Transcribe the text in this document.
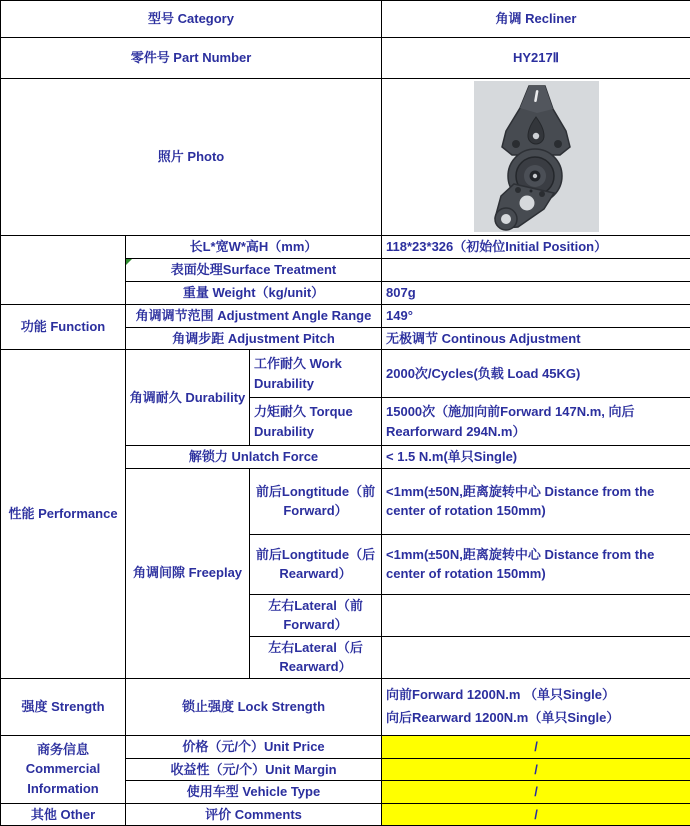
型号 Category			角调 Recliner
零件号 Part Number			HY217Ⅱ
照片 Photo	

	长L*宽W*高H（mm）		118*23*326（初始位Initial Position）

表面处理Surface Treatment		
	重量 Weight（kg/unit）		807g
功能 Function	角调调节范围 Adjustment Angle Range		149°
	角调步距 Adjustment Pitch		无极调节 Continous Adjustment
性能 Performance	角调耐久 Durability	工作耐久 Work Durability	2000次/Cycles(负载 Load 45KG)
		力矩耐久 Torque Durability	15000次（施加向前Forward 147N.m, 向后Rearforward 294N.m）
	解锁力 Unlatch Force		< 1.5 N.m(单只Single)
	角调间隙 Freeplay	前后Longtitude（前 Forward）	<1mm(±50N,距离旋转中心 Distance from the center of rotation 150mm)
		前后Longtitude（后 Rearward）	<1mm(±50N,距离旋转中心 Distance from the center of rotation 150mm)
		左右Lateral（前 Forward）	
		左右Lateral（后 Rearward）	
强度 Strength	锁止强度 Lock Strength		向前Forward 1200N.m （单只Single）
向后Rearward 1200N.m（单只Single）

商务信息 Commercial Information	价格（元/个）Unit Price		/
	收益性（元/个）Unit Margin		/
	使用车型 Vehicle Type		/
其他 Other	评价 Comments		/
